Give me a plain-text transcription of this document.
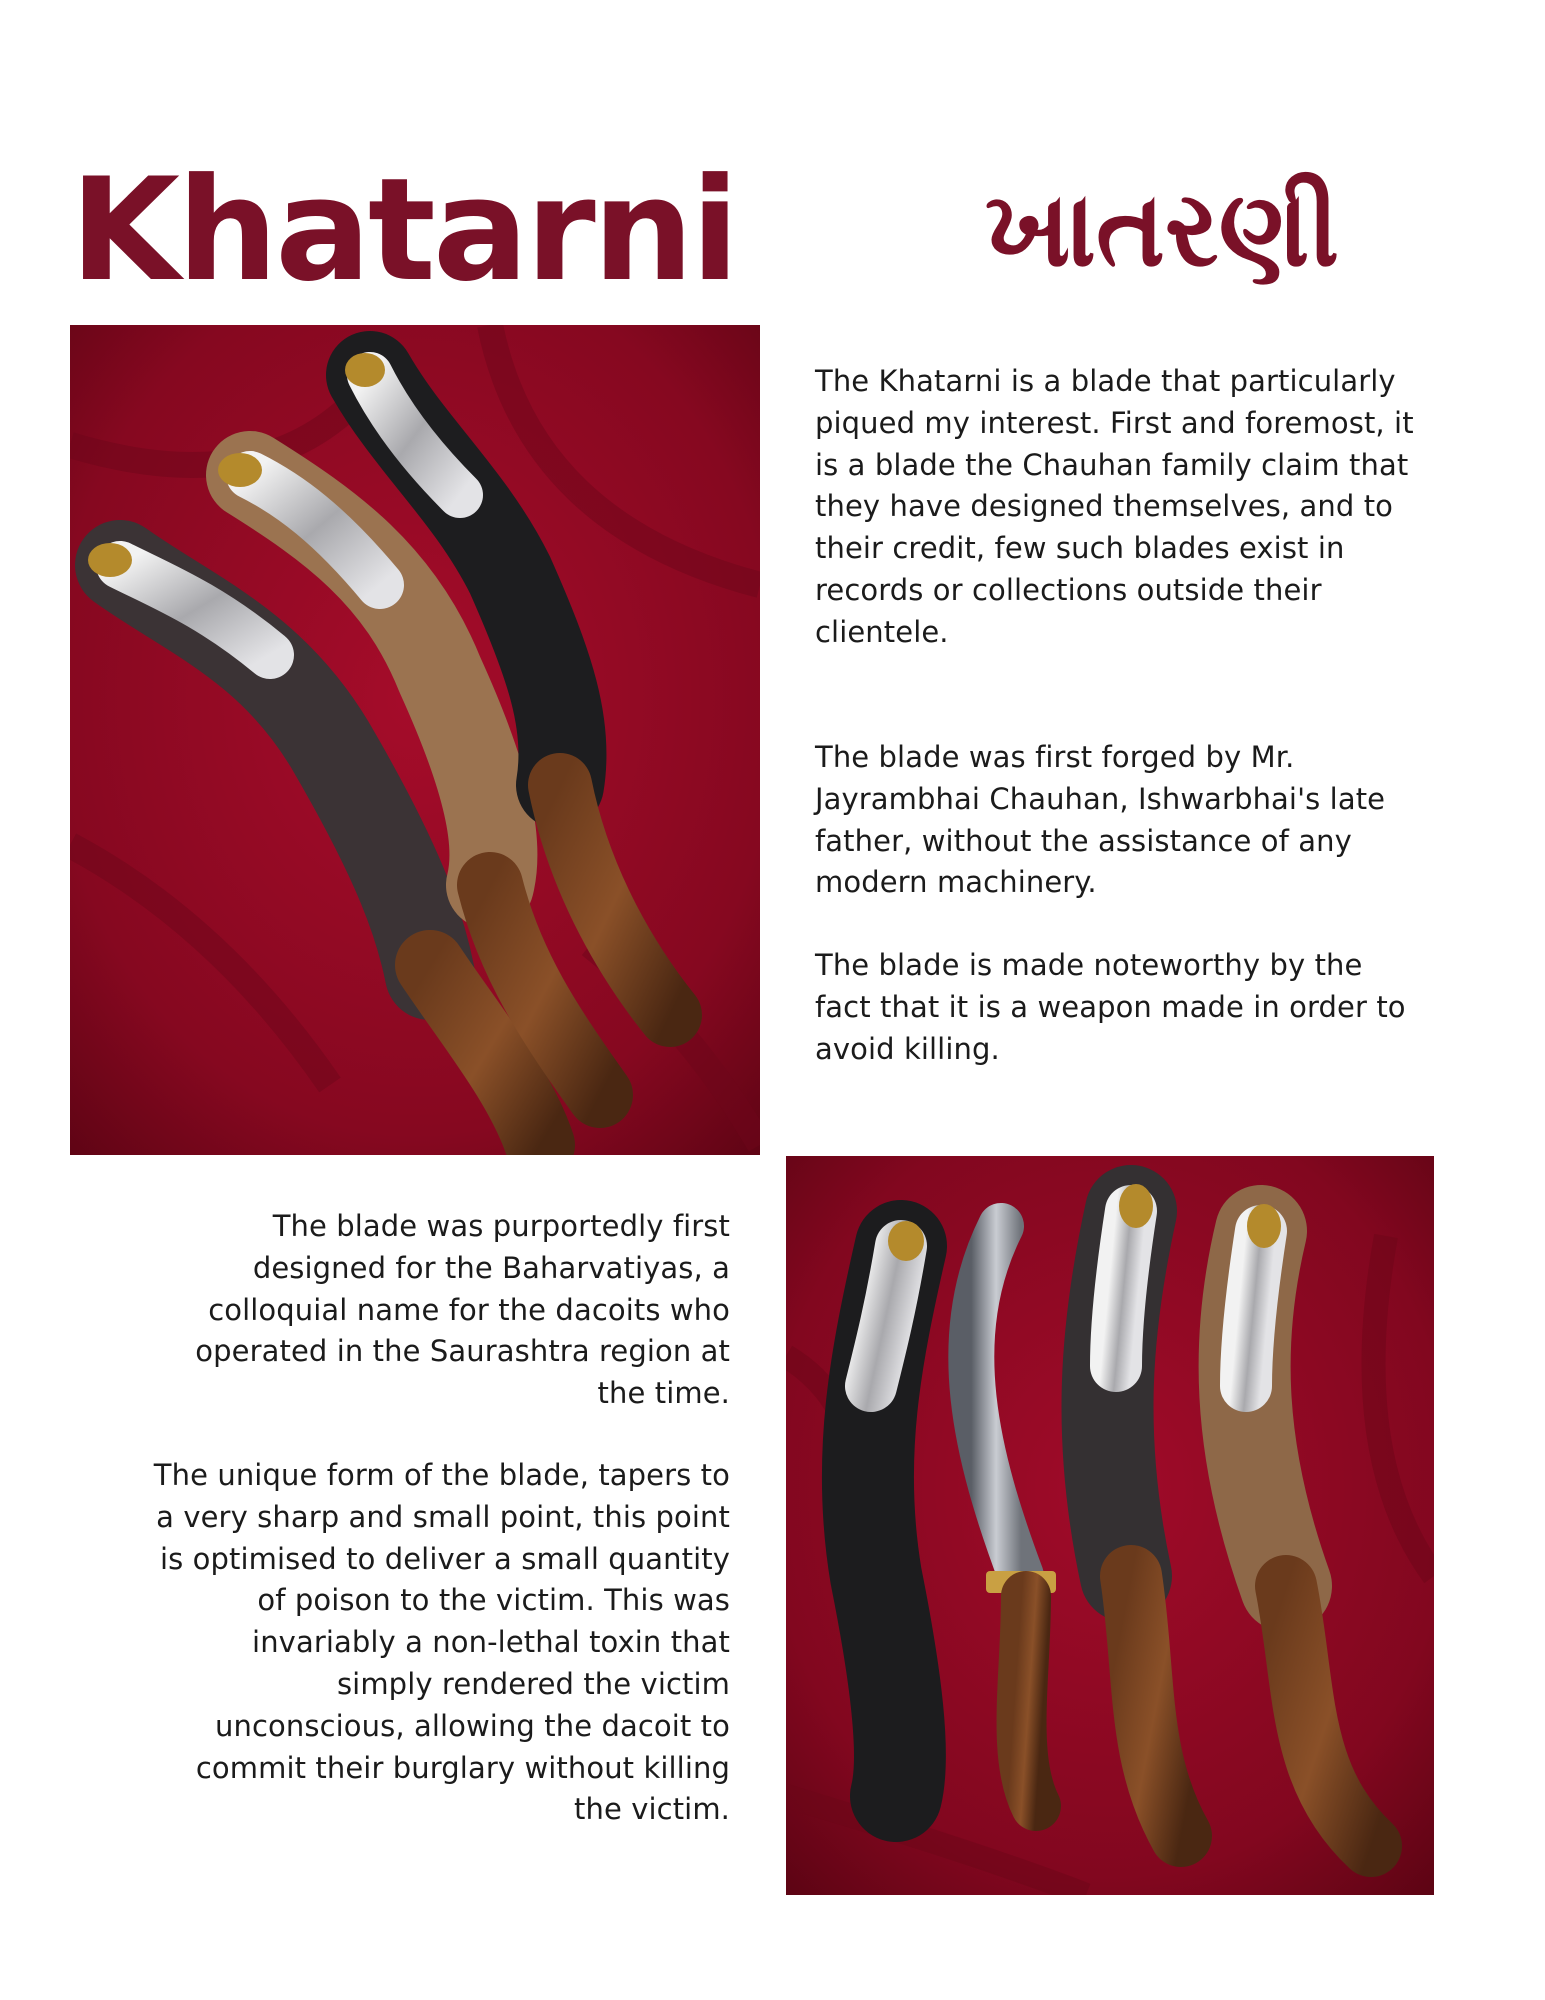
Khatarni ખાતરણી

The Khatarni is a blade that particularly piqued my interest. First and foremost, it is a blade the Chauhan family claim that they have designed themselves, and to their credit, few such blades exist in records or collections outside their clientele.

The blade was first forged by Mr. Jayrambhai Chauhan, Ishwarbhai's late father, without the assistance of any modern machinery.

The blade is made noteworthy by the fact that it is a weapon made in order to avoid killing.

The blade was purportedly first designed for the Baharvatiyas, a colloquial name for the dacoits who operated in the Saurashtra region at the time.

The unique form of the blade, tapers to a very sharp and small point, this point is optimised to deliver a small quantity of poison to the victim. This was invariably a non-lethal toxin that simply rendered the victim unconscious, allowing the dacoit to commit their burglary without killing the victim.
